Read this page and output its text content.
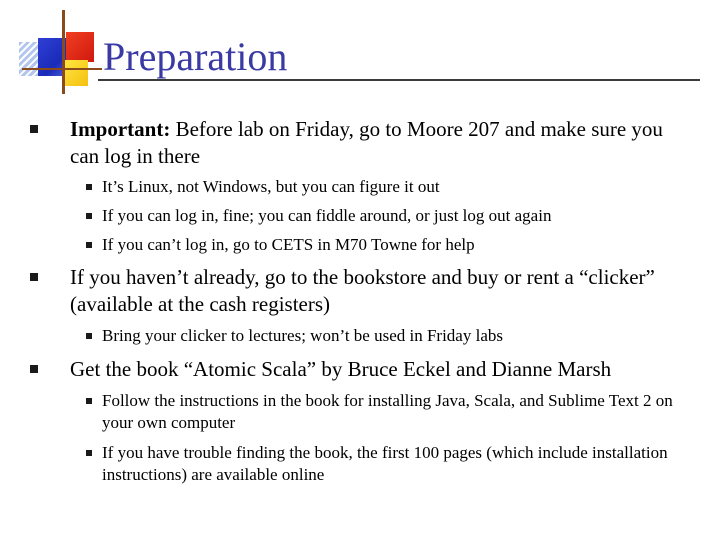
Preparation
Important: Before lab on Friday, go to Moore 207 and make sure you can log in there
It’s Linux, not Windows, but you can figure it out
If you can log in, fine; you can fiddle around, or just log out again
If you can’t log in, go to CETS in M70 Towne for help
If you haven’t already, go to the bookstore and buy or rent a “clicker” (available at the cash registers)
Bring your clicker to lectures; won’t be used in Friday labs
Get the book “Atomic Scala” by Bruce Eckel and Dianne Marsh
Follow the instructions in the book for installing Java, Scala, and Sublime Text 2 on your own computer
If you have trouble finding the book, the first 100 pages (which include installation instructions) are available online
